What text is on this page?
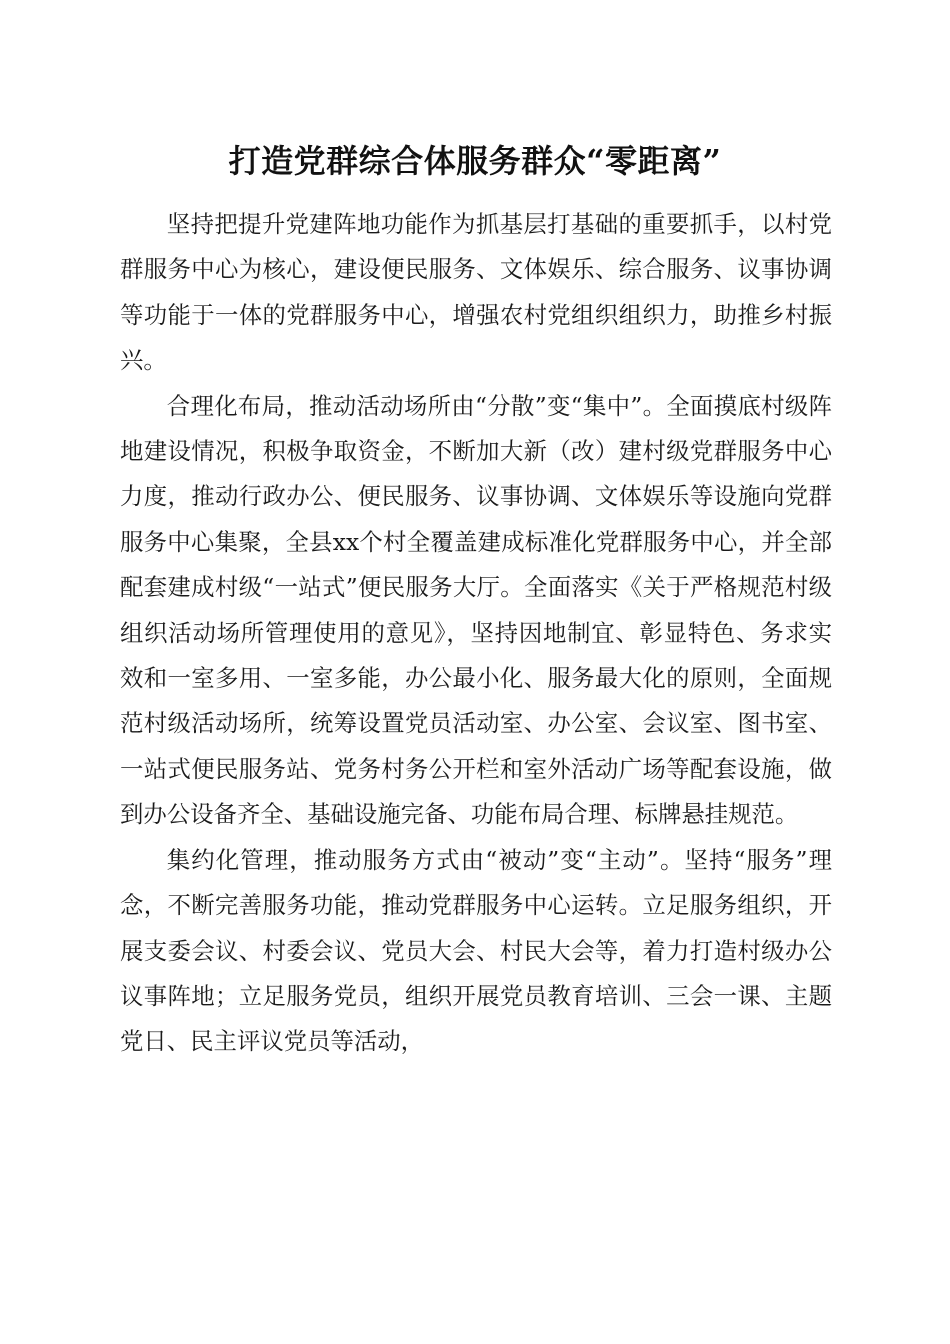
打造党群综合体服务群众“零距离”

坚持把提升党建阵地功能作为抓基层打基础的重要抓手，以村党群服务中心为核心，建设便民服务、文体娱乐、综合服务、议事协调等功能于一体的党群服务中心，增强农村党组织组织力，助推乡村振兴。

合理化布局，推动活动场所由“分散”变“集中”。全面摸底村级阵地建设情况，积极争取资金，不断加大新（改）建村级党群服务中心力度，推动行政办公、便民服务、议事协调、文体娱乐等设施向党群服务中心集聚，全县xx个村全覆盖建成标准化党群服务中心，并全部配套建成村级“一站式”便民服务大厅。全面落实《关于严格规范村级组织活动场所管理使用的意见》，坚持因地制宜、彰显特色、务求实效和一室多用、一室多能，办公最小化、服务最大化的原则，全面规范村级活动场所，统筹设置党员活动室、办公室、会议室、图书室、一站式便民服务站、党务村务公开栏和室外活动广场等配套设施，做到办公设备齐全、基础设施完备、功能布局合理、标牌悬挂规范。

集约化管理，推动服务方式由“被动”变“主动”。坚持“服务”理念，不断完善服务功能，推动党群服务中心运转。立足服务组织，开展支委会议、村委会议、党员大会、村民大会等，着力打造村级办公议事阵地；立足服务党员，组织开展党员教育培训、三会一课、主题党日、民主评议党员等活动，
